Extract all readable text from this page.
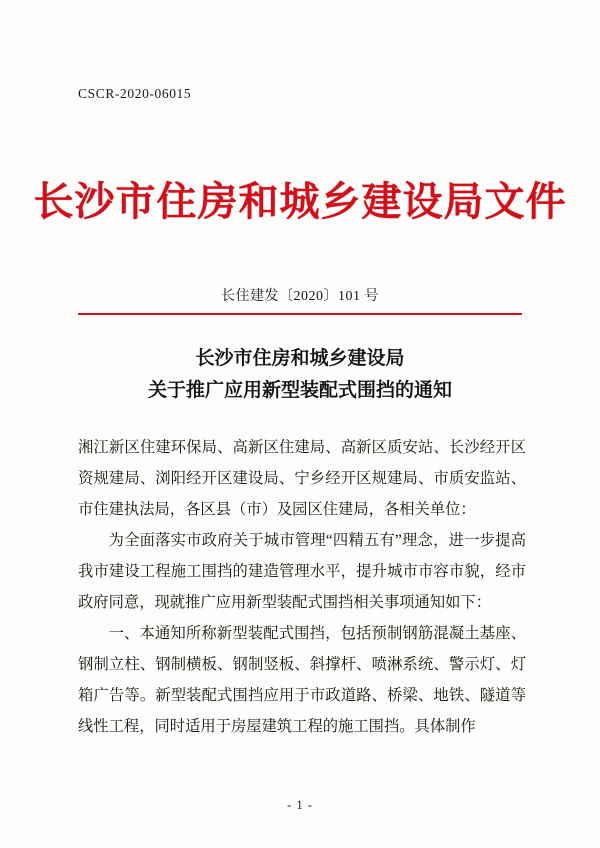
CSCR-2020-06015
长沙市住房和城乡建设局文件
长住建发〔2020〕101 号
长沙市住房和城乡建设局
关于推广应用新型装配式围挡的通知

湘江新区住建环保局、高新区住建局、高新区质安站、长沙经开区资规建局、浏阳经开区建设局、宁乡经开区规建局、市质安监站、市住建执法局，各区县（市）及园区住建局，各相关单位：

为全面落实市政府关于城市管理“四精五有”理念，进一步提高我市建设工程施工围挡的建造管理水平，提升城市市容市貌，经市政府同意，现就推广应用新型装配式围挡相关事项通知如下：

一、本通知所称新型装配式围挡，包括预制钢筋混凝土基座、钢制立柱、钢制横板、钢制竖板、斜撑杆、喷淋系统、警示灯、灯箱广告等。新型装配式围挡应用于市政道路、桥梁、地铁、隧道等线性工程，同时适用于房屋建筑工程的施工围挡。具体制作

- 1 -
